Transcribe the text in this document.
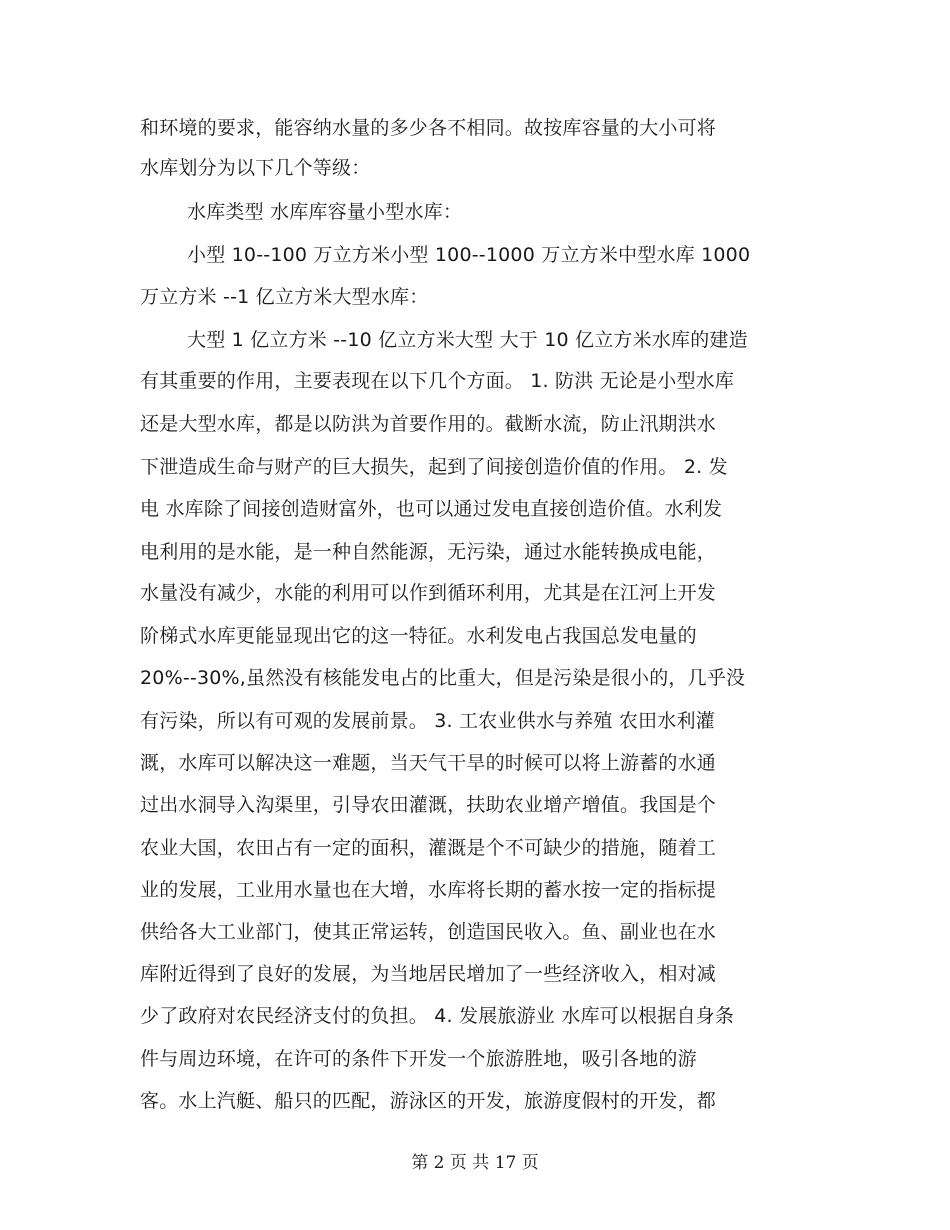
和环境的要求，能容纳水量的多少各不相同。故按库容量的大小可将
水库划分为以下几个等级：
水库类型 水库库容量小型水库：
小型 10--100 万立方米小型 100--1000 万立方米中型水库 1000
万立方米 --1 亿立方米大型水库：
大型 1 亿立方米 --10 亿立方米大型 大于 10 亿立方米水库的建造
有其重要的作用，主要表现在以下几个方面。 1. 防洪 无论是小型水库
还是大型水库，都是以防洪为首要作用的。截断水流，防止汛期洪水
下泄造成生命与财产的巨大损失，起到了间接创造价值的作用。 2. 发
电 水库除了间接创造财富外，也可以通过发电直接创造价值。水利发
电利用的是水能，是一种自然能源，无污染，通过水能转换成电能，
水量没有减少，水能的利用可以作到循环利用，尤其是在江河上开发
阶梯式水库更能显现出它的这一特征。水利发电占我国总发电量的
20%--30%,虽然没有核能发电占的比重大，但是污染是很小的，几乎没
有污染，所以有可观的发展前景。 3. 工农业供水与养殖 农田水利灌
溉，水库可以解决这一难题，当天气干旱的时候可以将上游蓄的水通
过出水洞导入沟渠里，引导农田灌溉，扶助农业增产增值。我国是个
农业大国，农田占有一定的面积，灌溉是个不可缺少的措施，随着工
业的发展，工业用水量也在大增，水库将长期的蓄水按一定的指标提
供给各大工业部门，使其正常运转，创造国民收入。鱼、副业也在水
库附近得到了良好的发展，为当地居民增加了一些经济收入，相对减
少了政府对农民经济支付的负担。 4. 发展旅游业 水库可以根据自身条
件与周边环境，在许可的条件下开发一个旅游胜地，吸引各地的游
客。水上汽艇、船只的匹配，游泳区的开发，旅游度假村的开发，都
第 2 页 共 17 页
